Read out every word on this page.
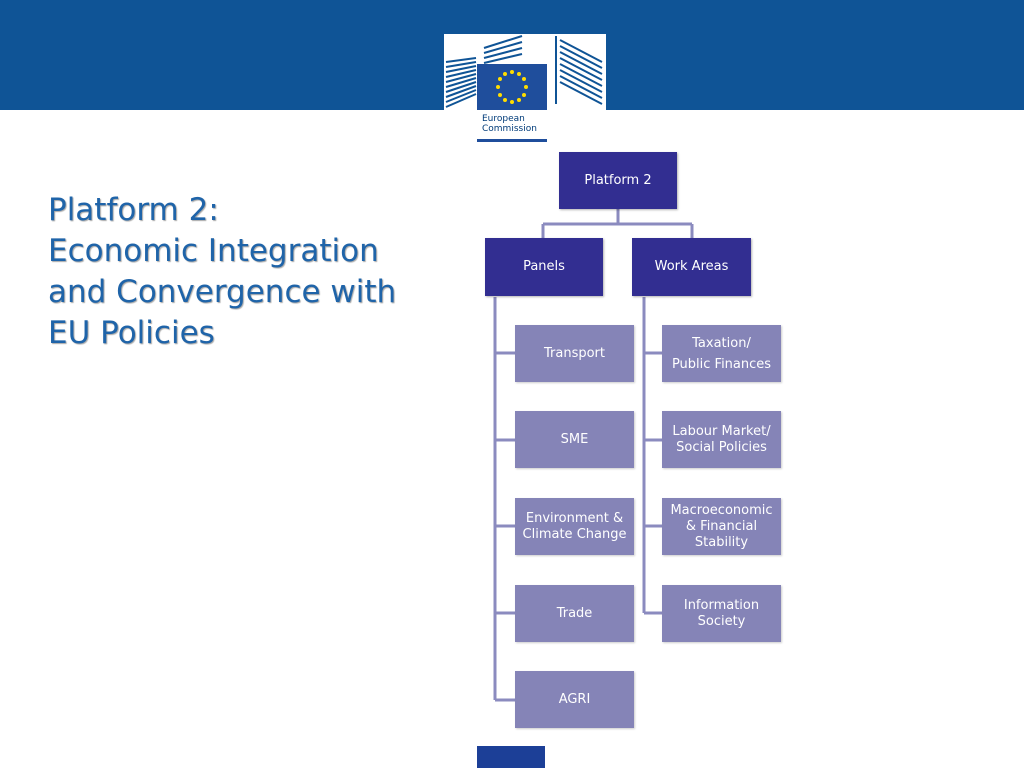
European
Commission
Platform 2:
Economic Integration
and Convergence with
EU Policies
Platform 2
Panels	Work Areas
Transport
SME
Environment &
Climate Change
Trade
AGRI
Taxation/
Public Finances
Labour Market/
Social Policies
Macroeconomic
& Financial
Stability
Information
Society
